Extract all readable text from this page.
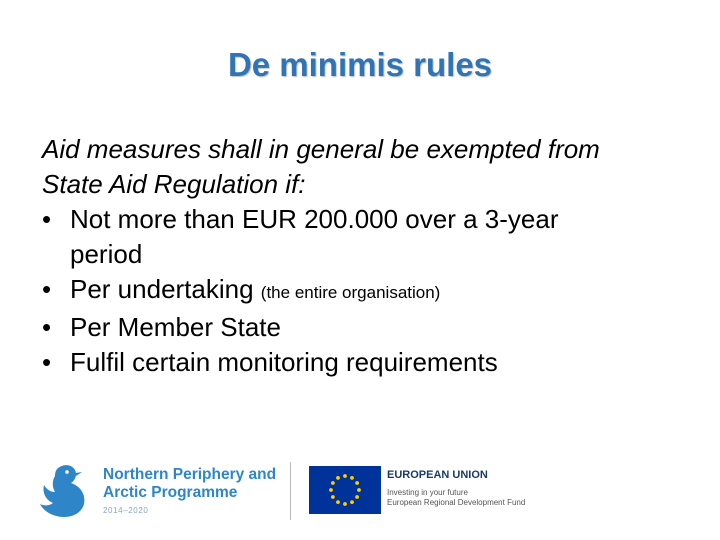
De minimis rules
Aid measures shall in general be exempted from
State Aid Regulation if:
• Not more than EUR 200.000 over a 3-year
period
• Per undertaking (the entire organisation)
• Per Member State
• Fulfil certain monitoring requirements
Northern Periphery and
Arctic Programme
2014–2020
EUROPEAN UNION
Investing in your future
European Regional Development Fund
